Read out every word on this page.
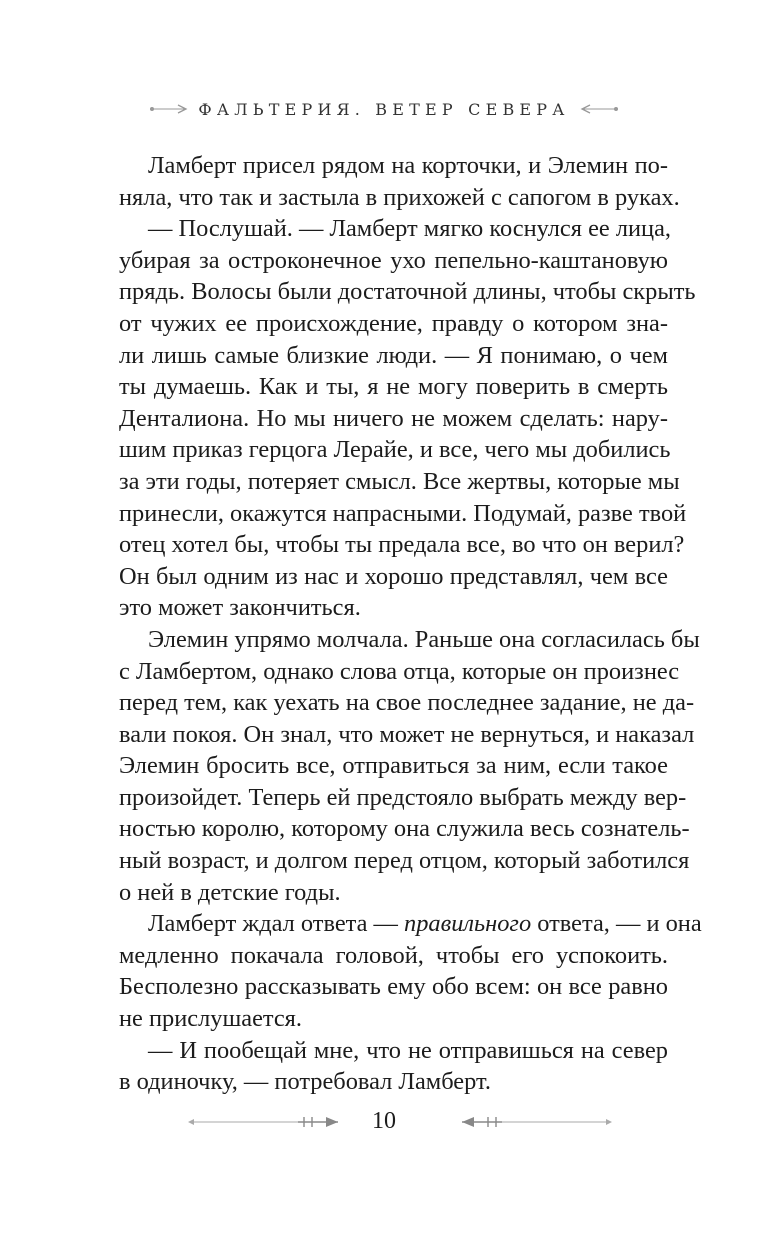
ФАЛЬТЕРИЯ. ВЕТЕР СЕВЕРА
Ламберт присел рядом на корточки, и Элемин по-
няла, что так и застыла в прихожей с сапогом в руках.
— Послушай. — Ламберт мягко коснулся ее лица,
убирая за остроконечное ухо пепельно-каштановую
прядь. Волосы были достаточной длины, чтобы скрыть
от чужих ее происхождение, правду о котором зна-
ли лишь самые близкие люди. — Я понимаю, о чем
ты думаешь. Как и ты, я не могу поверить в смерть
Денталиона. Но мы ничего не можем сделать: нару-
шим приказ герцога Лерайе, и все, чего мы добились
за эти годы, потеряет смысл. Все жертвы, которые мы
принесли, окажутся напрасными. Подумай, разве твой
отец хотел бы, чтобы ты предала все, во что он верил?
Он был одним из нас и хорошо представлял, чем все
это может закончиться.
Элемин упрямо молчала. Раньше она согласилась бы
с Ламбертом, однако слова отца, которые он произнес
перед тем, как уехать на свое последнее задание, не да-
вали покоя. Он знал, что может не вернуться, и наказал
Элемин бросить все, отправиться за ним, если такое
произойдет. Теперь ей предстояло выбрать между вер-
ностью королю, которому она служила весь сознатель-
ный возраст, и долгом перед отцом, который заботился
о ней в детские годы.
Ламберт ждал ответа — правильного ответа, — и она
медленно покачала головой, чтобы его успокоить.
Бесполезно рассказывать ему обо всем: он все равно
не прислушается.
— И пообещай мне, что не отправишься на север
в одиночку, — потребовал Ламберт.
10
